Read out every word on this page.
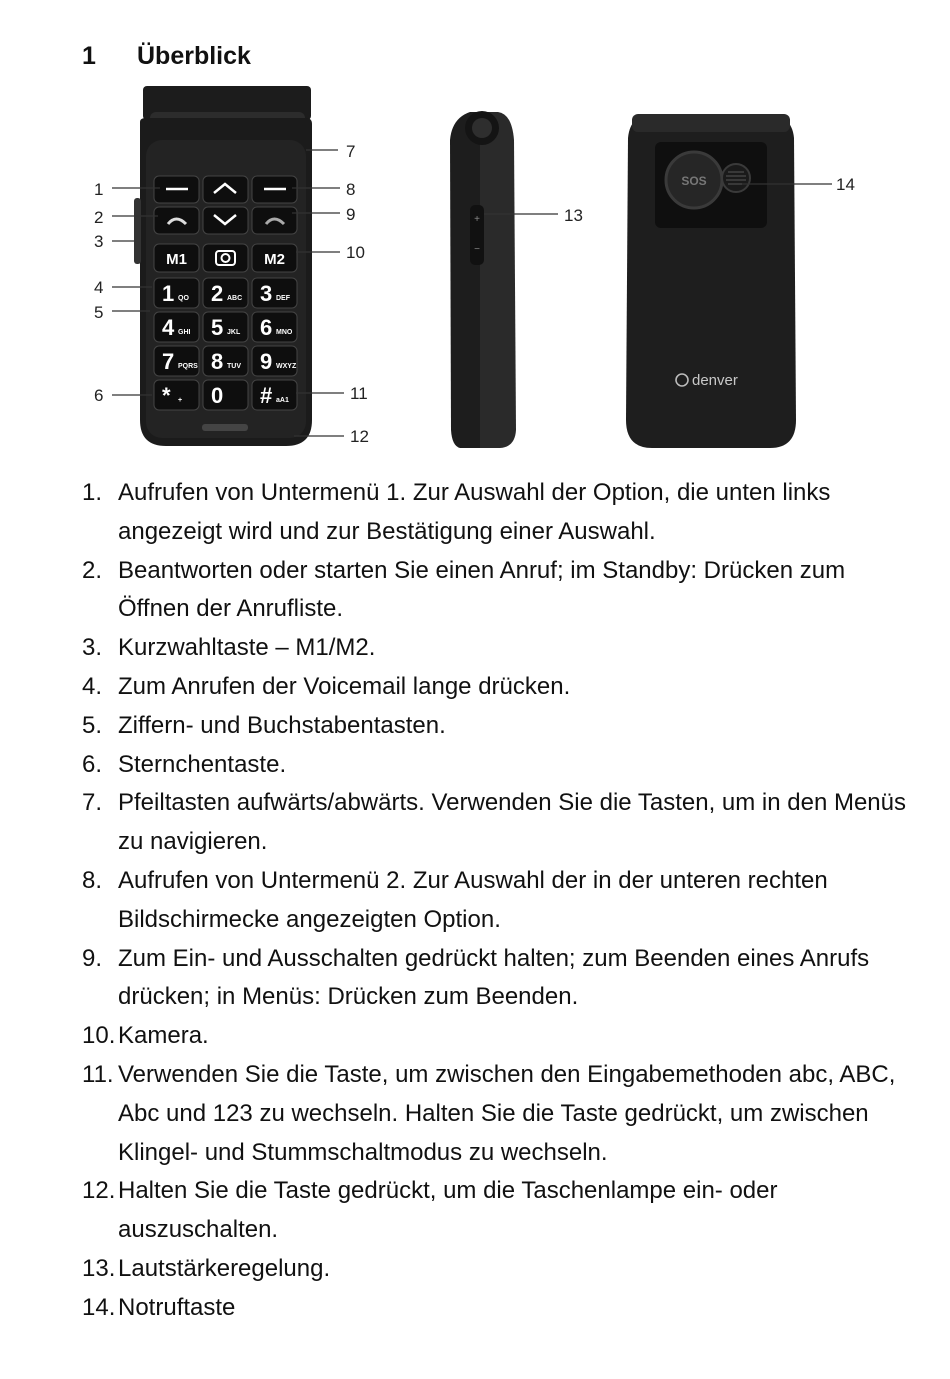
1 Überblick
M1	M2
1 QO 2 ABC 3 DEF
4 GHI 5 JKL 6 MNO
7 PQRS 8 TUV 9 WXYZ
* + 0 # aA1
+
−
SOS
denver
1
2
3
4
5
6
7
8
9
10
11
12
13
14
1. Aufrufen von Untermenü 1. Zur Auswahl der Option, die unten links angezeigt wird und zur Bestätigung einer Auswahl.
2. Beantworten oder starten Sie einen Anruf; im Standby: Drücken zum Öffnen der Anrufliste.
3. Kurzwahltaste – M1/M2.
4. Zum Anrufen der Voicemail lange drücken.
5. Ziffern- und Buchstabentasten.
6. Sternchentaste.
7. Pfeiltasten aufwärts/abwärts. Verwenden Sie die Tasten, um in den Menüs zu navigieren.
8. Aufrufen von Untermenü 2. Zur Auswahl der in der unteren rechten Bildschirmecke angezeigten Option.
9. Zum Ein- und Ausschalten gedrückt halten; zum Beenden eines Anrufs drücken; in Menüs: Drücken zum Beenden.
10. Kamera.
11. Verwenden Sie die Taste, um zwischen den Eingabemethoden abc, ABC, Abc und 123 zu wechseln. Halten Sie die Taste gedrückt, um zwischen Klingel- und Stummschaltmodus zu wechseln.
12. Halten Sie die Taste gedrückt, um die Taschenlampe ein- oder auszuschalten.
13. Lautstärkeregelung.
14. Notruftaste
